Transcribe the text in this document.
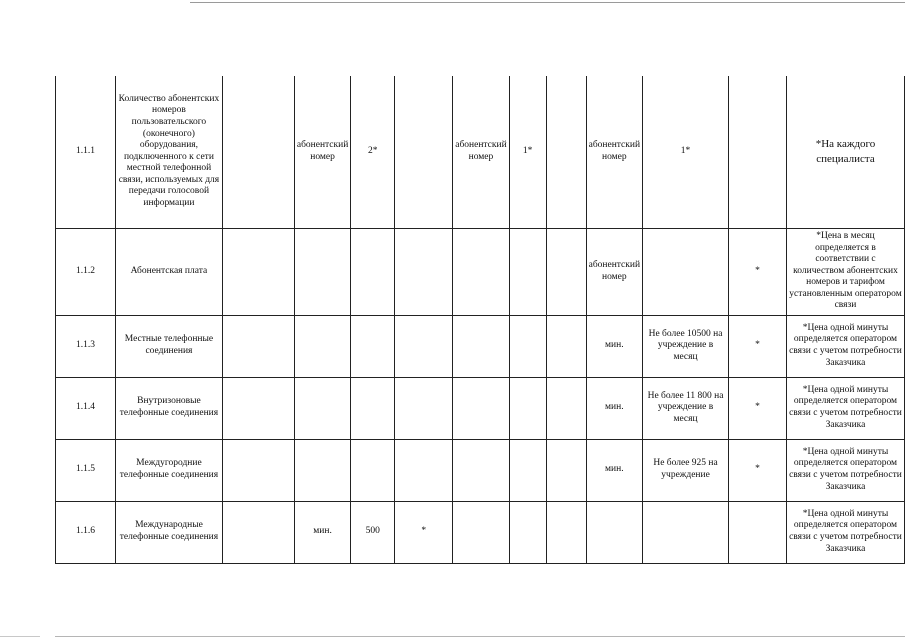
1.1.1	Количество абонентских номеров пользовательского (оконечного) оборудования, подключенного к сети местной телефонной связи, используемых для передачи голосовой информации		абонентский номер	2*		абонентский номер	1*		абонентский номер	1*		*На каждого специалиста
1.1.2	Абонентская плата								абонентский номер		*	*Цена в месяц определяется в соответствии с количеством абонентских номеров и тарифом установленным оператором связи
1.1.3	Местные телефонные соединения								мин.	Не более 10500 на учреждение в месяц	*	*Цена одной минуты определяется оператором связи с учетом потребности Заказчика
1.1.4	Внутризоновые телефонные соединения								мин.	Не более 11 800 на учреждение в месяц	*	*Цена одной минуты определяется оператором связи с учетом потребности Заказчика
1.1.5	Междугородние телефонные соединения								мин.	Не более 925 на учреждение	*	*Цена одной минуты определяется оператором связи с учетом потребности Заказчика
1.1.6	Международные телефонные соединения		мин.	500	*							*Цена одной минуты определяется оператором связи с учетом потребности Заказчика
